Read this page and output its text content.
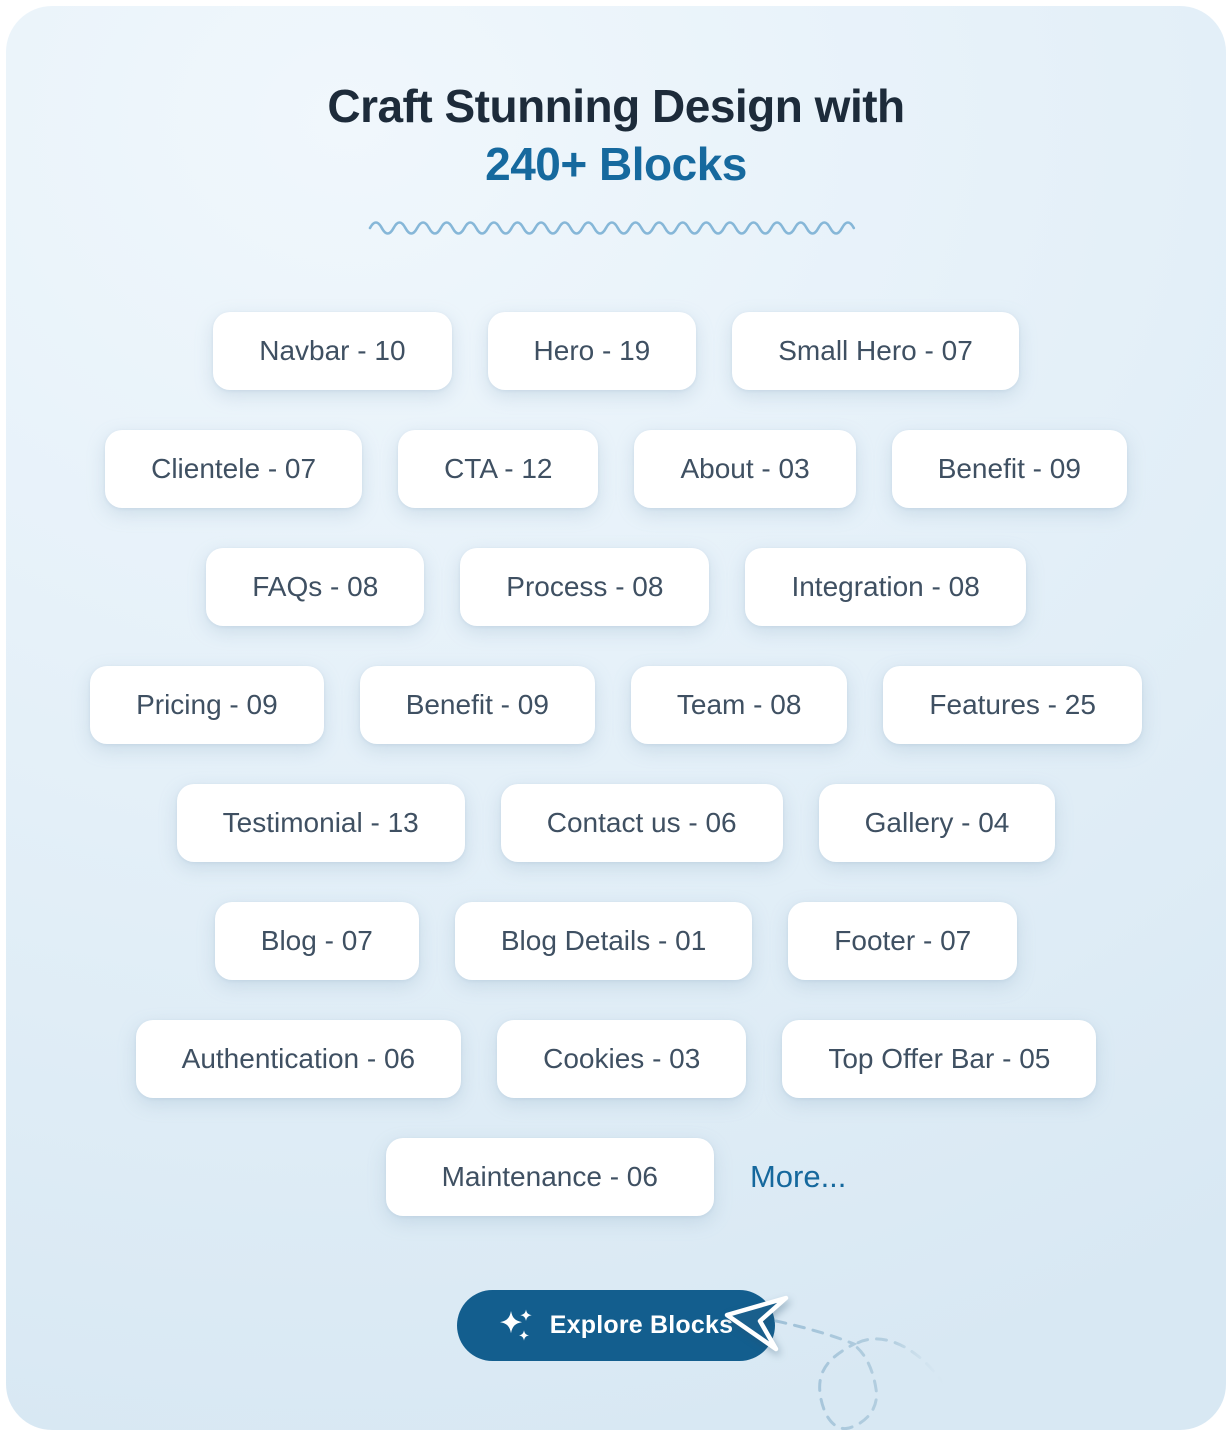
Craft Stunning Design with
240+ Blocks
Navbar - 10	Hero - 19	Small Hero - 07
Clientele - 07	CTA - 12	About - 03	Benefit - 09
FAQs - 08	Process - 08	Integration - 08
Pricing - 09	Benefit - 09	Team - 08	Features - 25
Testimonial - 13	Contact us - 06	Gallery - 04
Blog - 07	Blog Details - 01	Footer - 07
Authentication - 06	Cookies - 03	Top Offer Bar - 05
Maintenance - 06	More...
Explore Blocks
